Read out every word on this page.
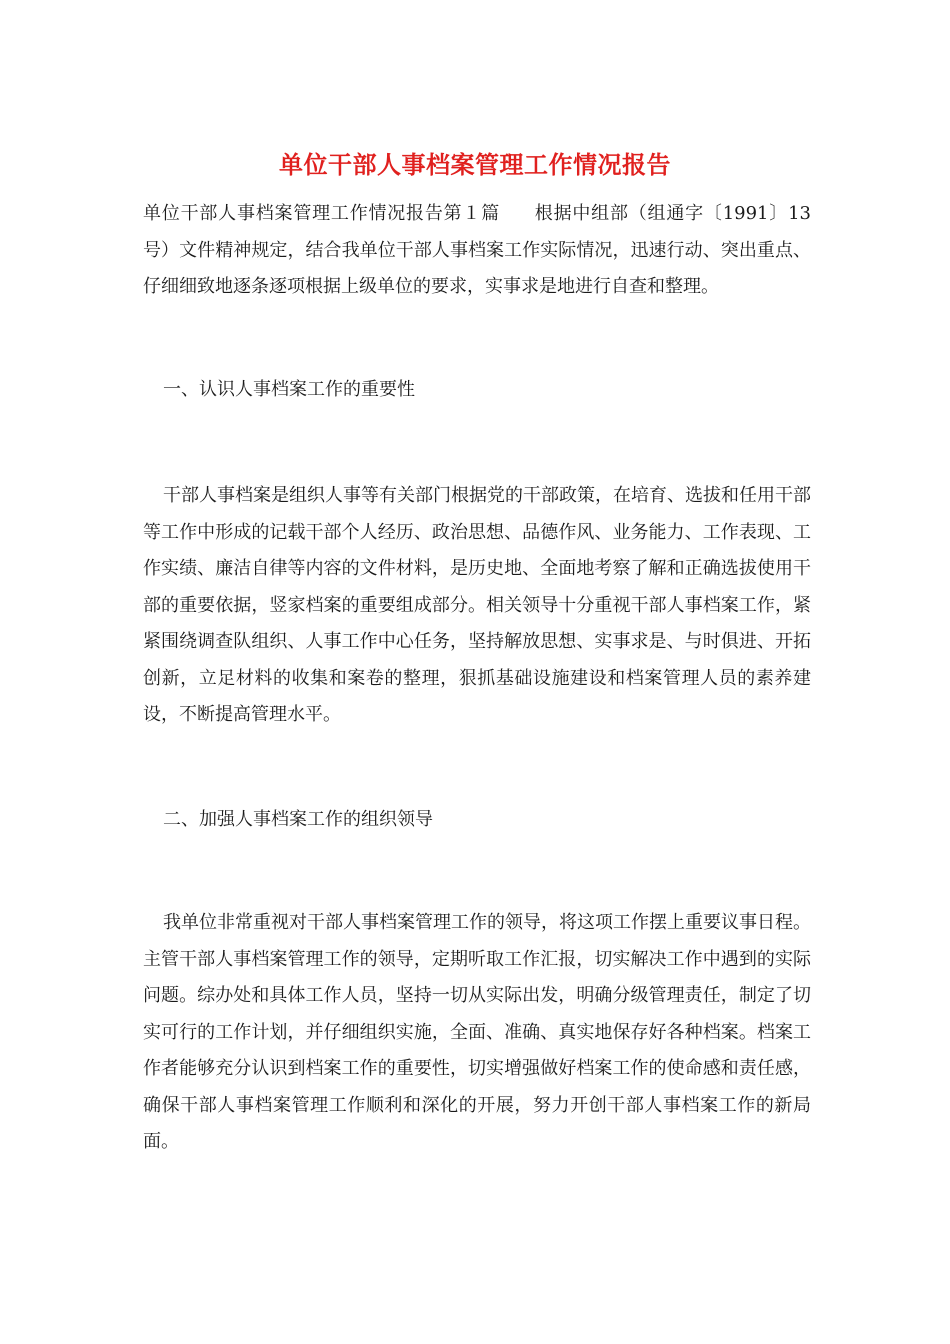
单位干部人事档案管理工作情况报告
单位干部人事档案管理工作情况报告第１篇 根据中组部（组通字〔1991〕13号）文件精神规定，结合我单位干部人事档案工作实际情况，迅速行动、突出重点、仔细细致地逐条逐项根据上级单位的要求，实事求是地进行自查和整理。
一、认识人事档案工作的重要性
干部人事档案是组织人事等有关部门根据党的干部政策，在培育、选拔和任用干部等工作中形成的记载干部个人经历、政治思想、品德作风、业务能力、工作表现、工作实绩、廉洁自律等内容的文件材料，是历史地、全面地考察了解和正确选拔使用干部的重要依据，竖家档案的重要组成部分。相关领导十分重视干部人事档案工作，紧紧围绕调查队组织、人事工作中心任务，坚持解放思想、实事求是、与时俱进、开拓创新，立足材料的收集和案卷的整理，狠抓基础设施建设和档案管理人员的素养建设，不断提高管理水平。
二、加强人事档案工作的组织领导
我单位非常重视对干部人事档案管理工作的领导，将这项工作摆上重要议事日程。主管干部人事档案管理工作的领导，定期听取工作汇报，切实解决工作中遇到的实际问题。综办处和具体工作人员，坚持一切从实际出发，明确分级管理责任，制定了切实可行的工作计划，并仔细组织实施，全面、准确、真实地保存好各种档案。档案工作者能够充分认识到档案工作的重要性，切实增强做好档案工作的使命感和责任感，确保干部人事档案管理工作顺利和深化的开展，努力开创干部人事档案工作的新局面。
